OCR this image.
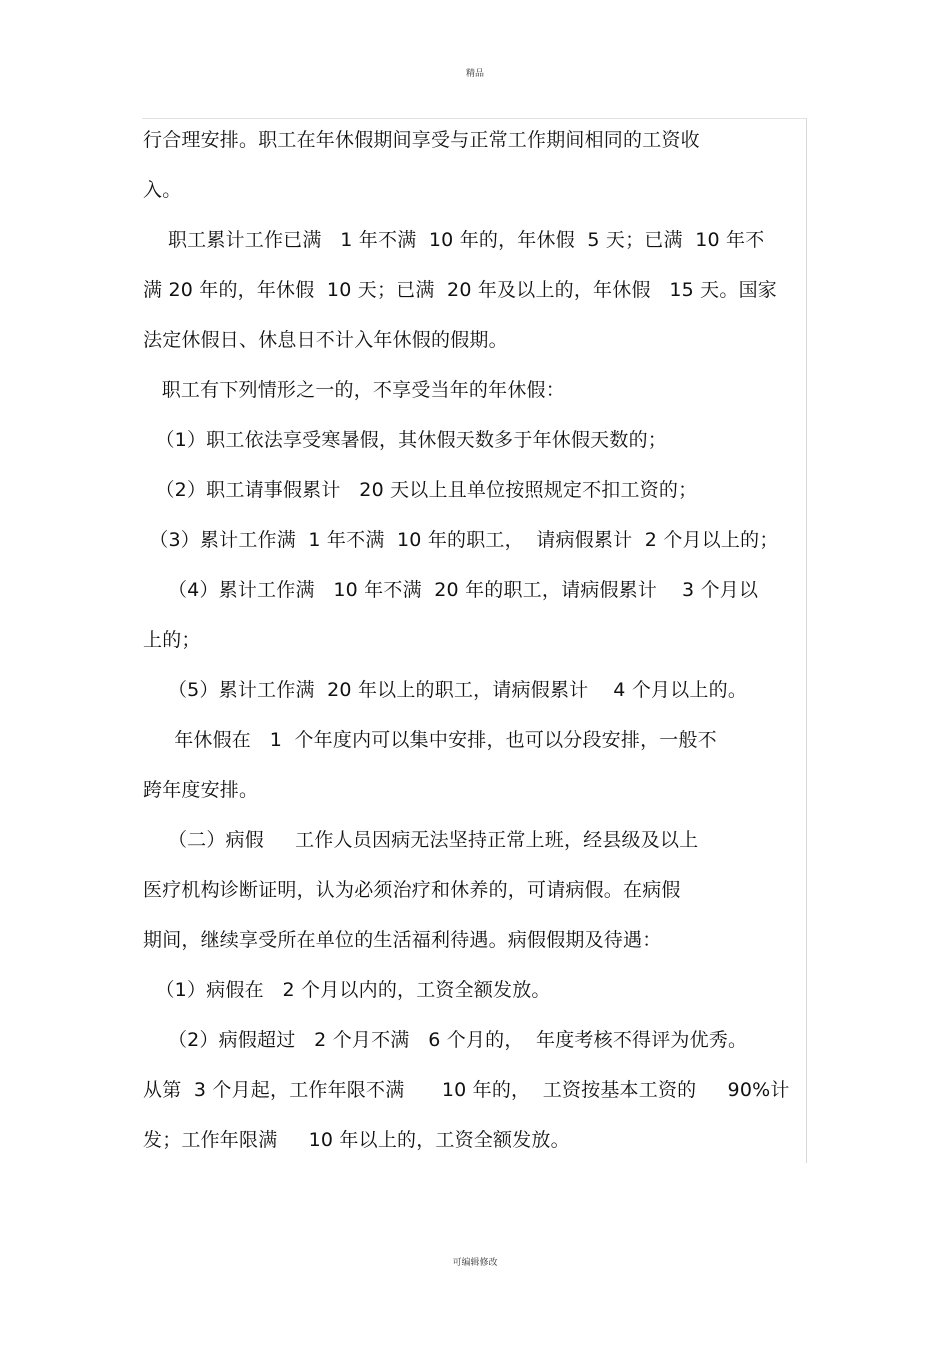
精品
行合理安排。职工在年休假期间享受与正常工作期间相同的工资收
入。
职工累计工作已满   1 年不满  10 年的，年休假  5 天；已满  10 年不
满 20 年的，年休假  10 天；已满  20 年及以上的，年休假   15 天。国家
法定休假日、休息日不计入年休假的假期。
职工有下列情形之一的，不享受当年的年休假：
（1）职工依法享受寒暑假，其休假天数多于年休假天数的；
（2）职工请事假累计   20 天以上且单位按照规定不扣工资的；
（3）累计工作满  1 年不满  10 年的职工，  请病假累计  2 个月以上的；
（4）累计工作满   10 年不满  20 年的职工，请病假累计    3 个月以
上的；
（5）累计工作满  20 年以上的职工，请病假累计    4 个月以上的。
年休假在   1  个年度内可以集中安排，也可以分段安排，一般不
跨年度安排。
（二）病假     工作人员因病无法坚持正常上班，经县级及以上
医疗机构诊断证明，认为必须治疗和休养的，可请病假。在病假
期间，继续享受所在单位的生活福利待遇。病假假期及待遇：
（1）病假在   2 个月以内的，工资全额发放。
（2）病假超过   2 个月不满   6 个月的，  年度考核不得评为优秀。
从第  3 个月起，工作年限不满      10 年的，  工资按基本工资的     90%计
发；工作年限满     10 年以上的，工资全额发放。
可编辑修改
